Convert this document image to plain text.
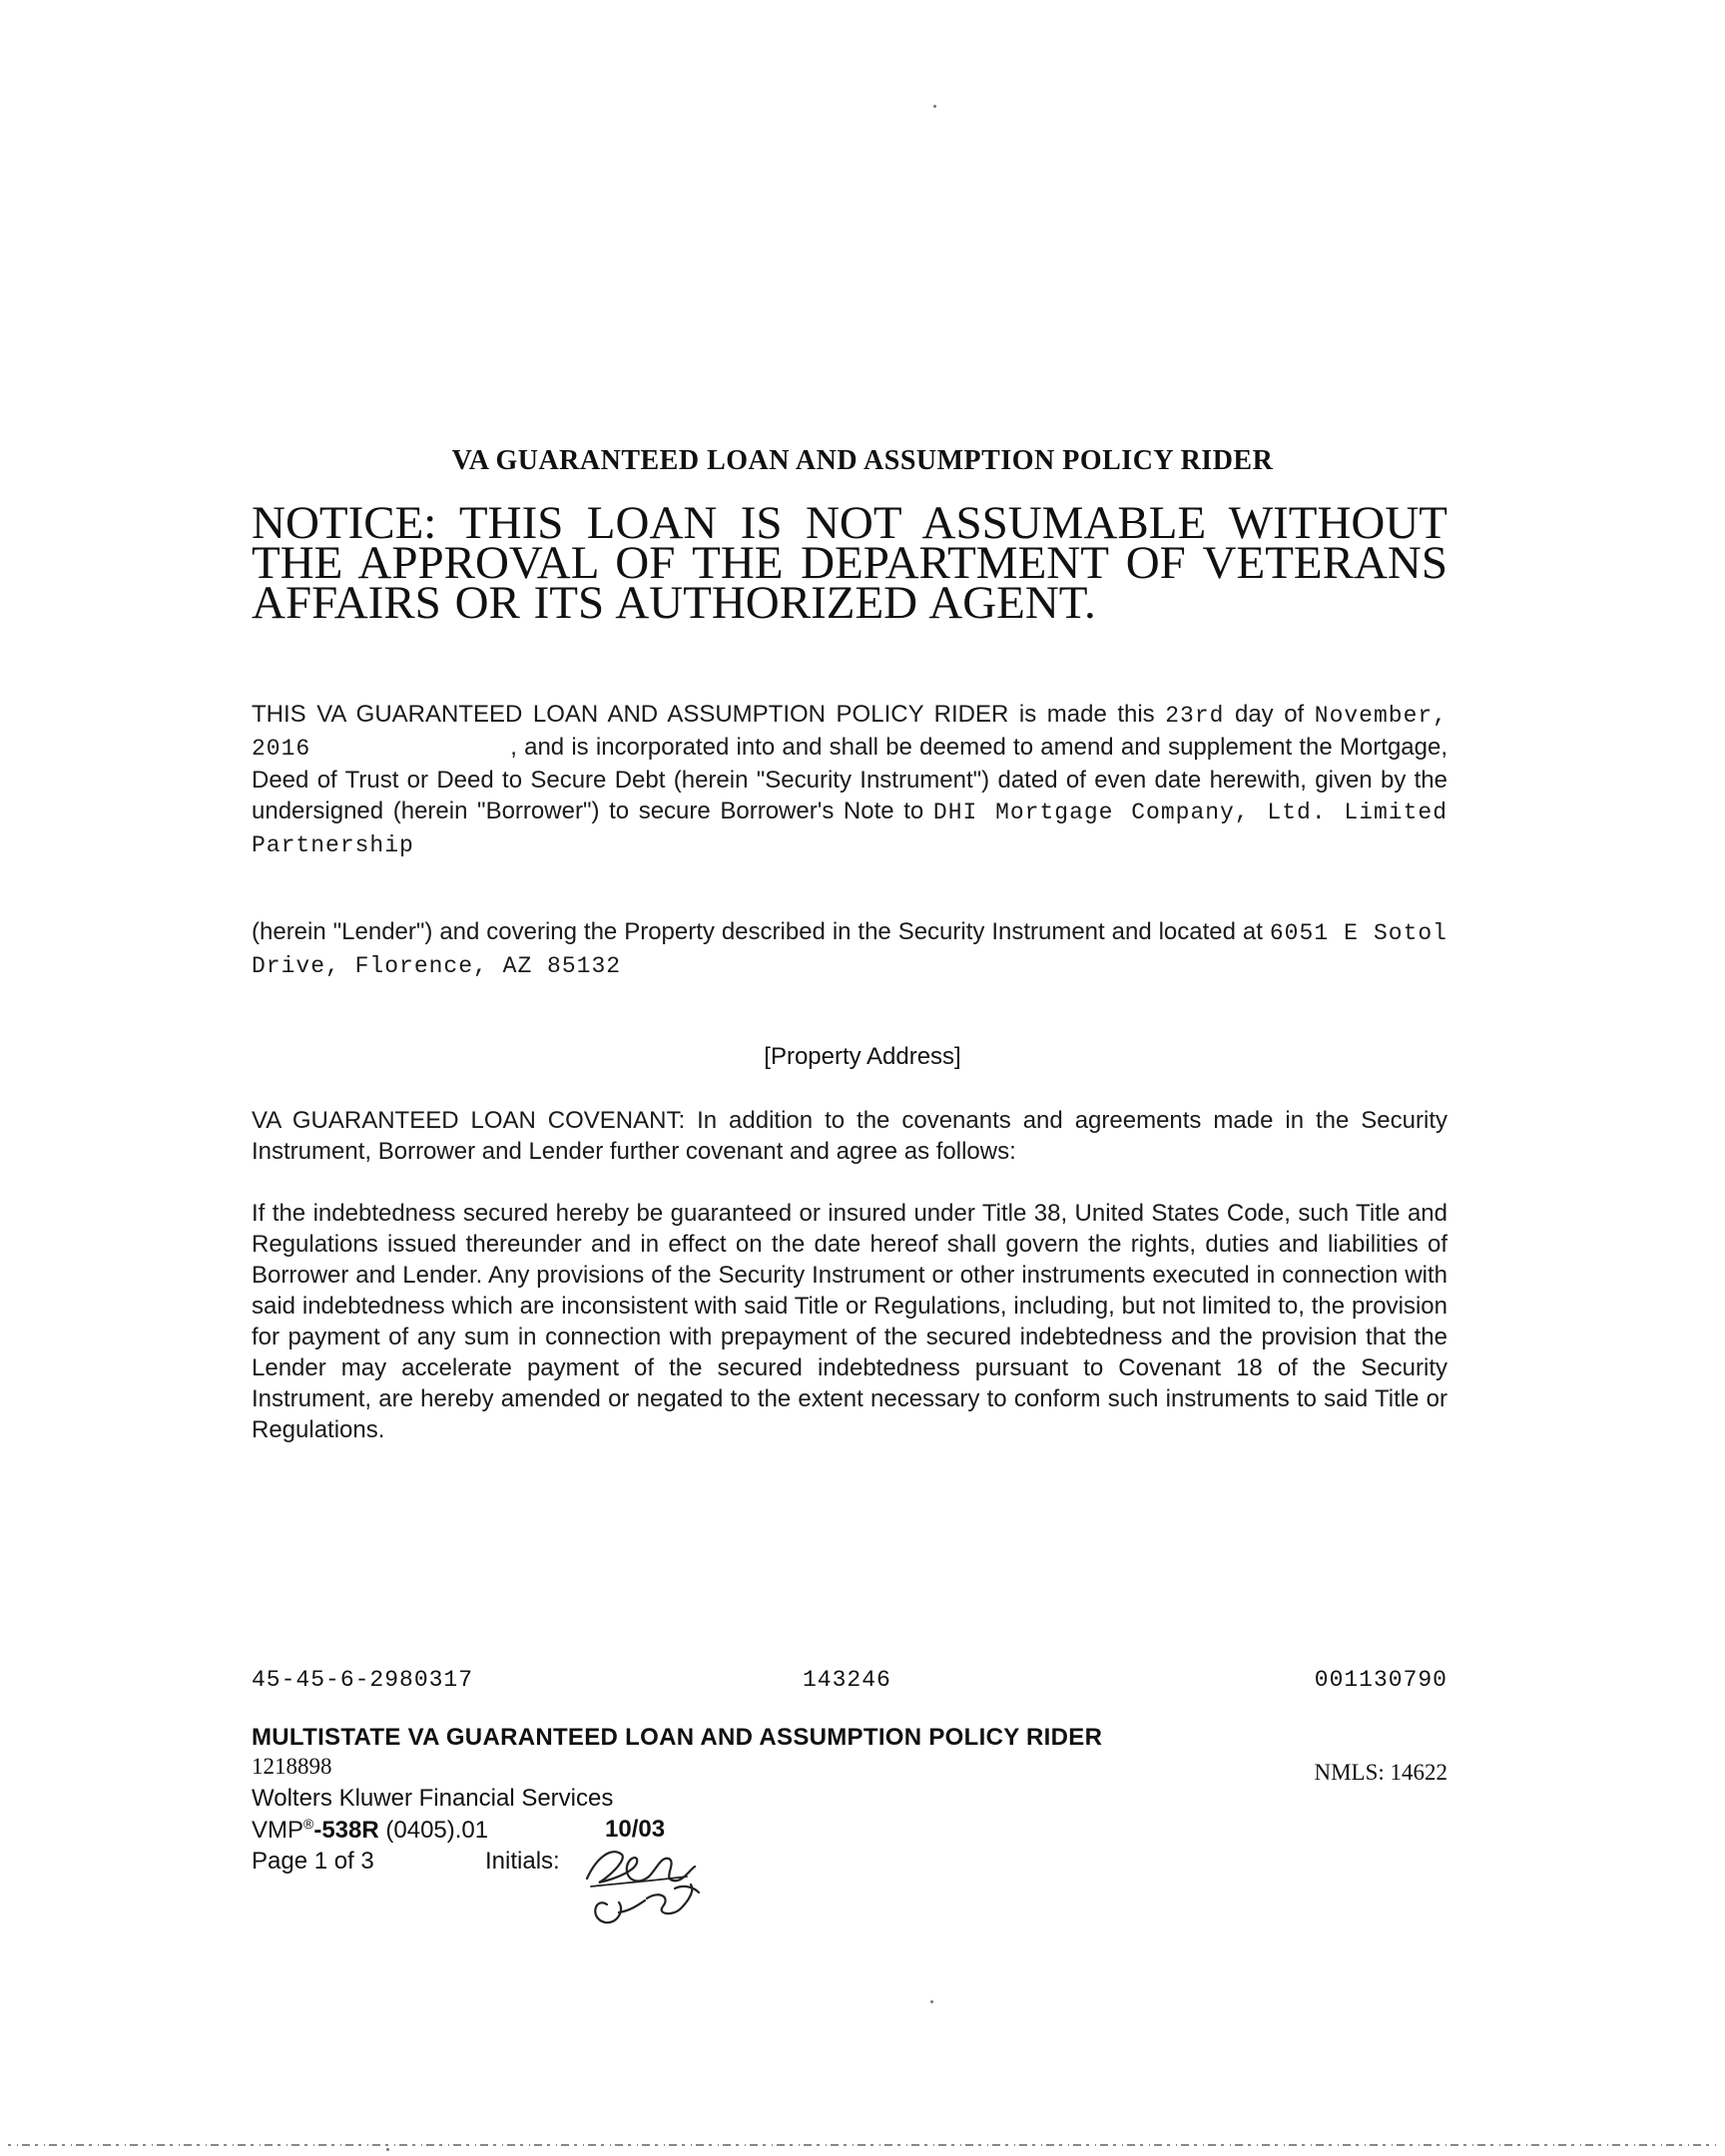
VA GUARANTEED LOAN AND ASSUMPTION POLICY RIDER
NOTICE: THIS LOAN IS NOT ASSUMABLE WITHOUT THE APPROVAL OF THE DEPARTMENT OF VETERANS AFFAIRS OR ITS AUTHORIZED AGENT.
THIS VA GUARANTEED LOAN AND ASSUMPTION POLICY RIDER is made this 23rd day of November, 2016	, and is incorporated into and shall be deemed to amend and supplement the Mortgage, Deed of Trust or Deed to Secure Debt (herein "Security Instrument") dated of even date herewith, given by the undersigned (herein "Borrower") to secure Borrower's Note to DHI Mortgage Company, Ltd. Limited Partnership
(herein "Lender") and covering the Property described in the Security Instrument and located at 6051 E Sotol Drive, Florence, AZ 85132
[Property Address]
VA GUARANTEED LOAN COVENANT: In addition to the covenants and agreements made in the Security Instrument, Borrower and Lender further covenant and agree as follows:
If the indebtedness secured hereby be guaranteed or insured under Title 38, United States Code, such Title and Regulations issued thereunder and in effect on the date hereof shall govern the rights, duties and liabilities of Borrower and Lender. Any provisions of the Security Instrument or other instruments executed in connection with said indebtedness which are inconsistent with said Title or Regulations, including, but not limited to, the provision for payment of any sum in connection with prepayment of the secured indebtedness and the provision that the Lender may accelerate payment of the secured indebtedness pursuant to Covenant 18 of the Security Instrument, are hereby amended or negated to the extent necessary to conform such instruments to said Title or Regulations.
45-45-6-2980317	143246	001130790
MULTISTATE VA GUARANTEED LOAN AND ASSUMPTION POLICY RIDER
1218898	NMLS: 14622
Wolters Kluwer Financial Services
VMP®-538R (0405).01	10/03
Page 1 of 3	Initials:
